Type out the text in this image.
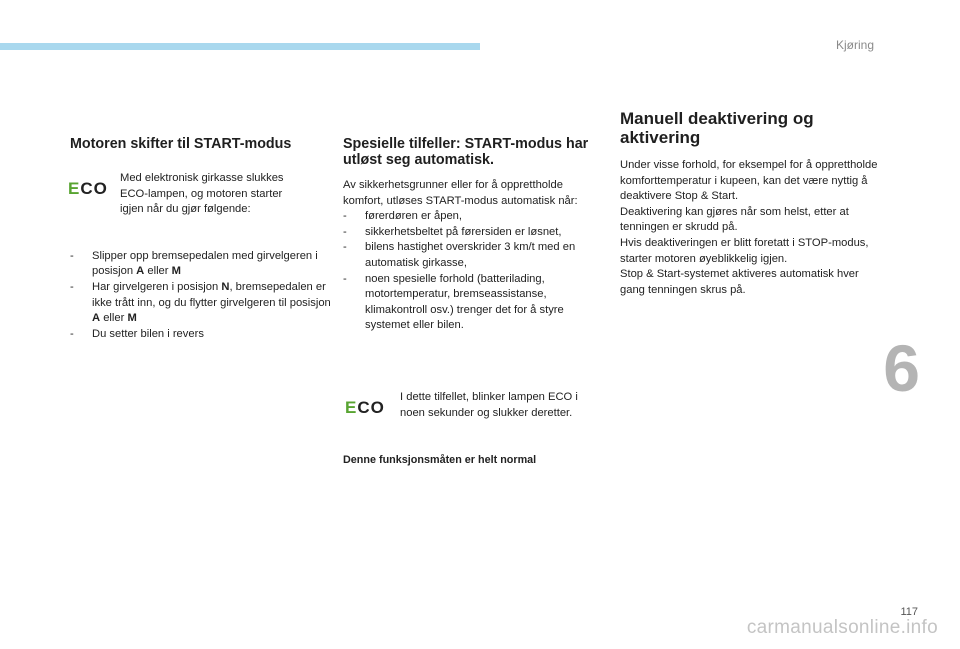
Kjøring
6
Motoren skifter til START-modus
ECO

Med elektronisk girkasse slukkes ECO-lampen, og motoren starter igjen når du gjør følgende:

- Slipper opp bremsepedalen med girvelgeren i posisjon A eller M
- Har girvelgeren i posisjon N, bremsepedalen er ikke trått inn, og du flytter girvelgeren til posisjon A eller M
- Du setter bilen i revers
Spesielle tilfeller: START-modus har utløst seg automatisk.

Av sikkerhetsgrunner eller for å opprettholde komfort, utløses START-modus automatisk når:

- førerdøren er åpen,
- sikkerhetsbeltet på førersiden er løsnet,
- bilens hastighet overskrider 3 km/t med en automatisk girkasse,
- noen spesielle forhold (batterilading, motortemperatur, bremseassistanse, klimakontroll osv.) trenger det for å styre systemet eller bilen.
ECO

I dette tilfellet, blinker lampen ECO i noen sekunder og slukker deretter.

Denne funksjonsmåten er helt normal

Manuell deaktivering og aktivering

Under visse forhold, for eksempel for å opprettholde komforttemperatur i kupeen, kan det være nyttig å deaktivere Stop & Start.

Deaktivering kan gjøres når som helst, etter at tenningen er skrudd på.

Hvis deaktiveringen er blitt foretatt i STOP-modus, starter motoren øyeblikkelig igjen.

Stop & Start-systemet aktiveres automatisk hver gang tenningen skrus på.

117
carmanualsonline.info
